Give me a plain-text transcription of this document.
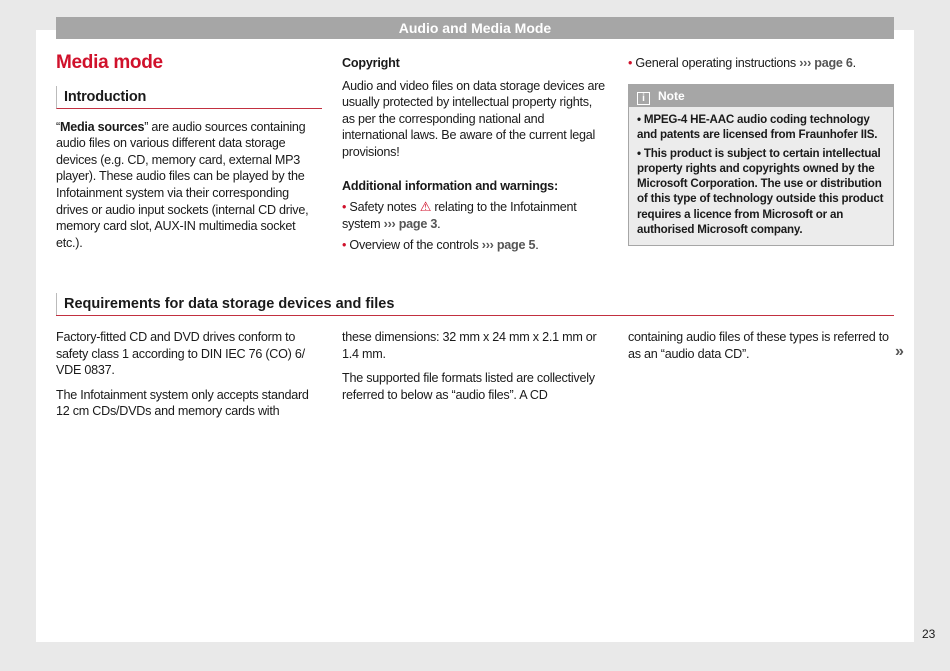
Audio and Media Mode
Media mode
Introduction

“Media sources” are audio sources containing audio files on various different data storage devices (e.g. CD, memory card, external MP3 player). These audio files can be played by the Infotainment system via their corresponding drives or audio input sockets (internal CD drive, memory card slot, AUX-IN multimedia socket etc.).

Copyright

Audio and video files on data storage devices are usually protected by intellectual property rights, as per the corresponding national and international laws. Be aware of the current legal provisions!

Additional information and warnings:

• Safety notes ⚠ relating to the Infotainment system ››› page 3.

• Overview of the controls ››› page 5.

• General operating instructions ››› page 6.

i Note

• MPEG-4 HE-AAC audio coding technology and patents are licensed from Fraunhofer IIS.

• This product is subject to certain intellectual property rights and copyrights owned by the Microsoft Corporation. The use or distribution of this type of technology outside this product requires a licence from Microsoft or an authorised Microsoft company.

Requirements for data storage devices and files

Factory-fitted CD and DVD drives conform to safety class 1 according to DIN IEC 76 (CO) 6/ VDE 0837.

The Infotainment system only accepts standard 12 cm CDs/DVDs and memory cards with

these dimensions: 32 mm x 24 mm x 2.1 mm or 1.4 mm.

The supported file formats listed are collectively referred to below as “audio files”. A CD

containing audio files of these types is referred to as an “audio data CD”.	»
23
